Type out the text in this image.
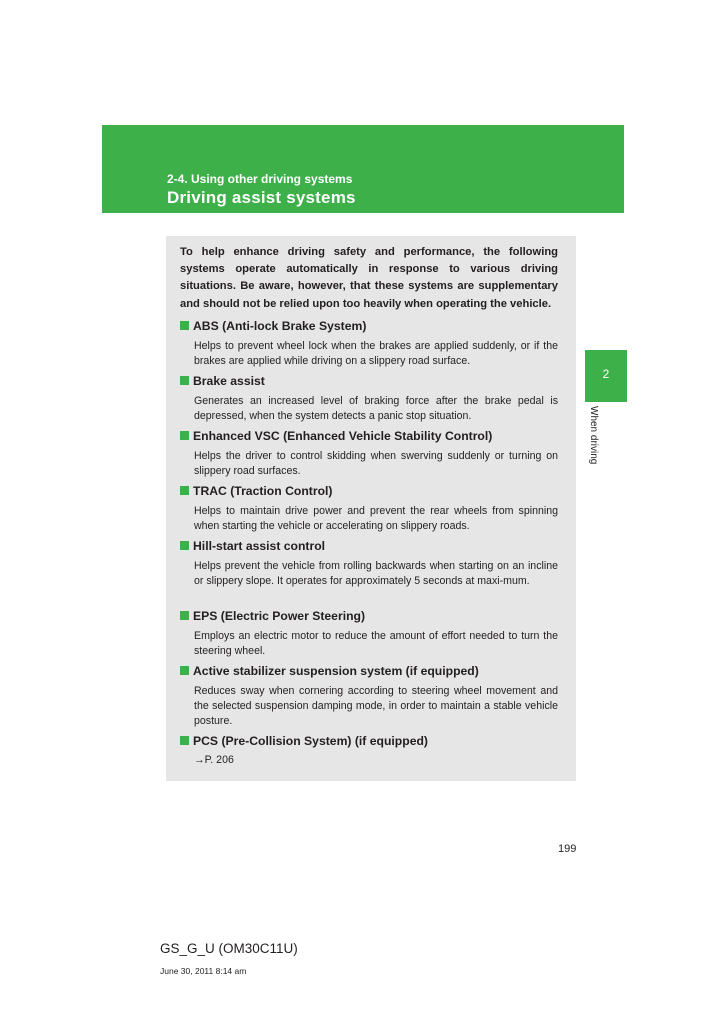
2-4. Using other driving systems
Driving assist systems
2
When driving
To help enhance driving safety and performance, the following systems operate automatically in response to various driving situations. Be aware, however, that these systems are supplementary and should not be relied upon too heavily when operating the vehicle.
ABS (Anti-lock Brake System)
Helps to prevent wheel lock when the brakes are applied suddenly, or if the brakes are applied while driving on a slippery road surface.
Brake assist
Generates an increased level of braking force after the brake pedal is depressed, when the system detects a panic stop situation.
Enhanced VSC (Enhanced Vehicle Stability Control)
Helps the driver to control skidding when swerving suddenly or turning on slippery road surfaces.
TRAC (Traction Control)
Helps to maintain drive power and prevent the rear wheels from spinning when starting the vehicle or accelerating on slippery roads.
Hill-start assist control
Helps prevent the vehicle from rolling backwards when starting on an incline or slippery slope. It operates for approximately 5 seconds at maxi-mum.
EPS (Electric Power Steering)
Employs an electric motor to reduce the amount of effort needed to turn the steering wheel.
Active stabilizer suspension system (if equipped)
Reduces sway when cornering according to steering wheel movement and the selected suspension damping mode, in order to maintain a stable vehicle posture.
PCS (Pre-Collision System) (if equipped)
→P. 206
199
GS_G_U (OM30C11U)
June 30, 2011 8:14 am
